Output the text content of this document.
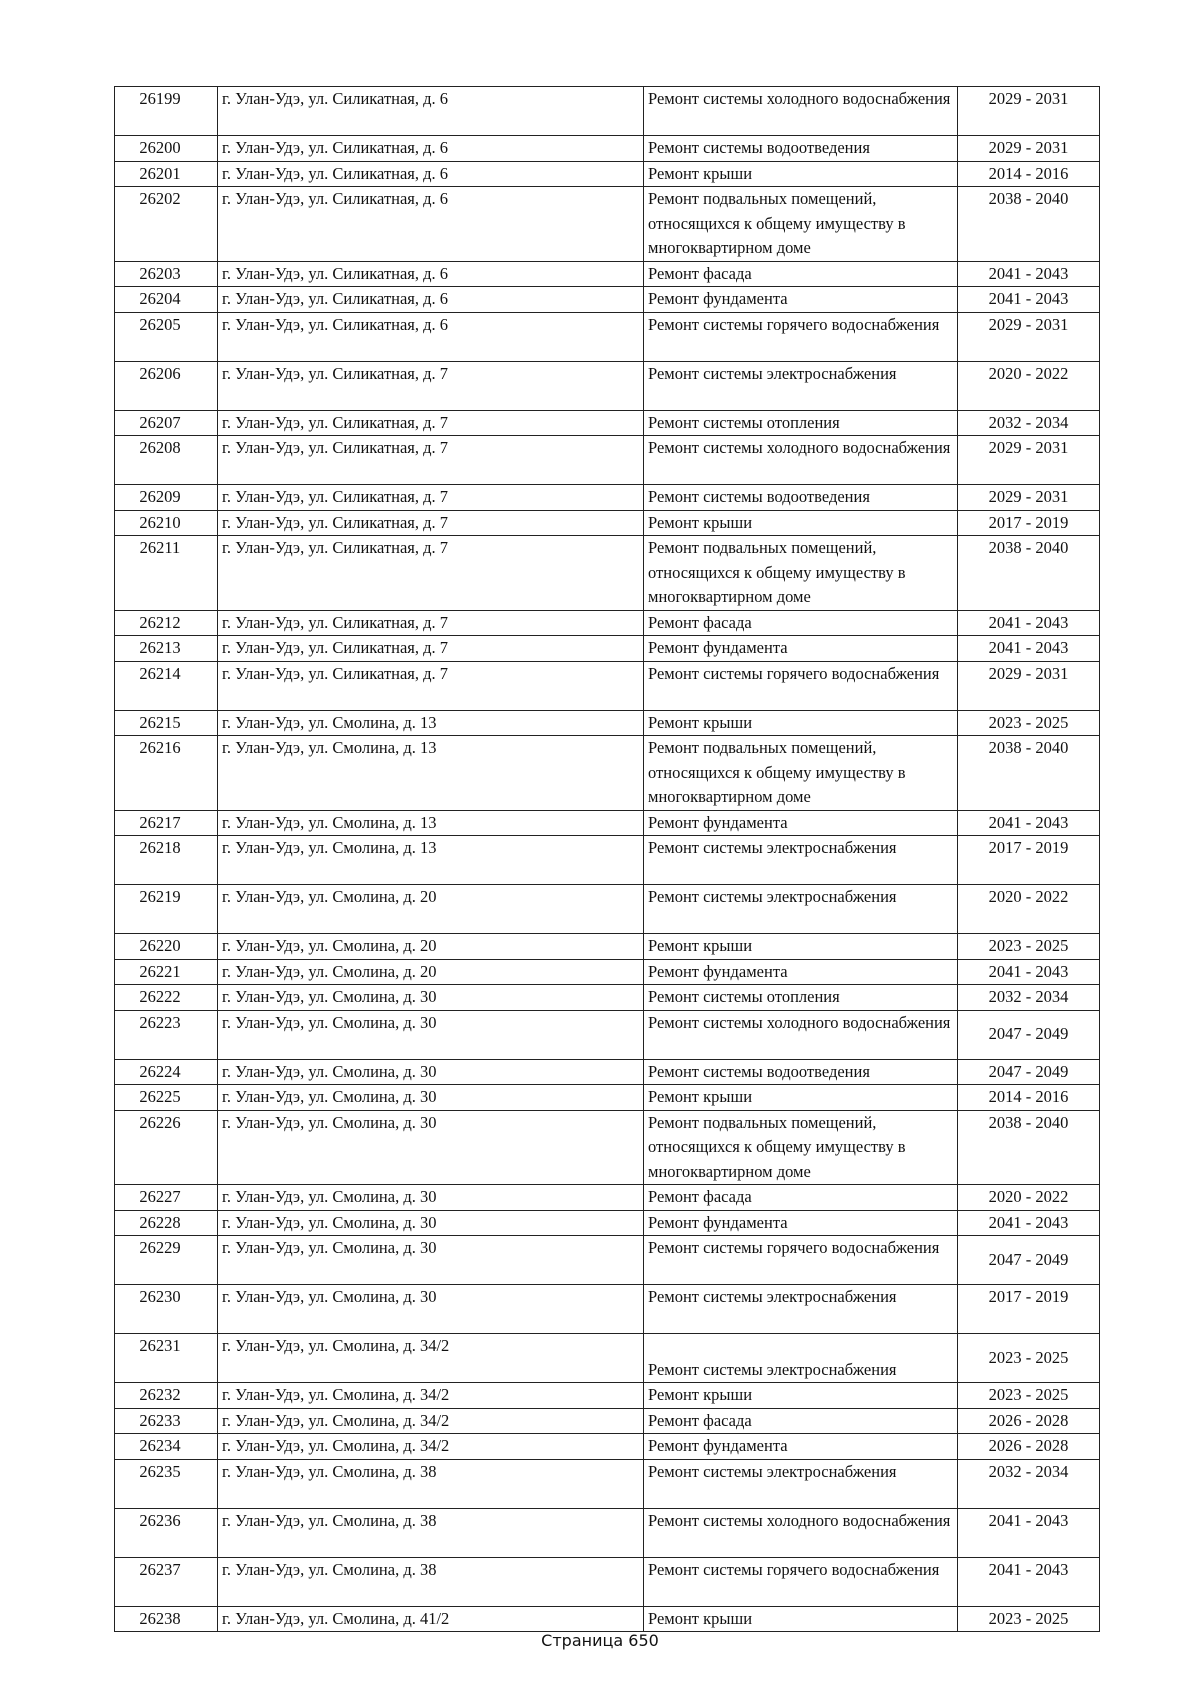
26199	г. Улан-Удэ, ул. Силикатная, д. 6	Ремонт системы холодного водоснабжения	2029 - 2031
26200	г. Улан-Удэ, ул. Силикатная, д. 6	Ремонт системы водоотведения	2029 - 2031
26201	г. Улан-Удэ, ул. Силикатная, д. 6	Ремонт крыши	2014 - 2016
26202	г. Улан-Удэ, ул. Силикатная, д. 6	Ремонт подвальных помещений, относящихся к общему имуществу в многоквартирном доме	2038 - 2040
26203	г. Улан-Удэ, ул. Силикатная, д. 6	Ремонт фасада	2041 - 2043
26204	г. Улан-Удэ, ул. Силикатная, д. 6	Ремонт фундамента	2041 - 2043
26205	г. Улан-Удэ, ул. Силикатная, д. 6	Ремонт системы горячего водоснабжения	2029 - 2031
26206	г. Улан-Удэ, ул. Силикатная, д. 7	Ремонт системы электроснабжения	2020 - 2022
26207	г. Улан-Удэ, ул. Силикатная, д. 7	Ремонт системы отопления	2032 - 2034
26208	г. Улан-Удэ, ул. Силикатная, д. 7	Ремонт системы холодного водоснабжения	2029 - 2031
26209	г. Улан-Удэ, ул. Силикатная, д. 7	Ремонт системы водоотведения	2029 - 2031
26210	г. Улан-Удэ, ул. Силикатная, д. 7	Ремонт крыши	2017 - 2019
26211	г. Улан-Удэ, ул. Силикатная, д. 7	Ремонт подвальных помещений, относящихся к общему имуществу в многоквартирном доме	2038 - 2040
26212	г. Улан-Удэ, ул. Силикатная, д. 7	Ремонт фасада	2041 - 2043
26213	г. Улан-Удэ, ул. Силикатная, д. 7	Ремонт фундамента	2041 - 2043
26214	г. Улан-Удэ, ул. Силикатная, д. 7	Ремонт системы горячего водоснабжения	2029 - 2031
26215	г. Улан-Удэ, ул. Смолина, д. 13	Ремонт крыши	2023 - 2025
26216	г. Улан-Удэ, ул. Смолина, д. 13	Ремонт подвальных помещений, относящихся к общему имуществу в многоквартирном доме	2038 - 2040
26217	г. Улан-Удэ, ул. Смолина, д. 13	Ремонт фундамента	2041 - 2043
26218	г. Улан-Удэ, ул. Смолина, д. 13	Ремонт системы электроснабжения	2017 - 2019
26219	г. Улан-Удэ, ул. Смолина, д. 20	Ремонт системы электроснабжения	2020 - 2022
26220	г. Улан-Удэ, ул. Смолина, д. 20	Ремонт крыши	2023 - 2025
26221	г. Улан-Удэ, ул. Смолина, д. 20	Ремонт фундамента	2041 - 2043
26222	г. Улан-Удэ, ул. Смолина, д. 30	Ремонт системы отопления	2032 - 2034
26223	г. Улан-Удэ, ул. Смолина, д. 30	Ремонт системы холодного водоснабжения	2047 - 2049
26224	г. Улан-Удэ, ул. Смолина, д. 30	Ремонт системы водоотведения	2047 - 2049
26225	г. Улан-Удэ, ул. Смолина, д. 30	Ремонт крыши	2014 - 2016
26226	г. Улан-Удэ, ул. Смолина, д. 30	Ремонт подвальных помещений, относящихся к общему имуществу в многоквартирном доме	2038 - 2040
26227	г. Улан-Удэ, ул. Смолина, д. 30	Ремонт фасада	2020 - 2022
26228	г. Улан-Удэ, ул. Смолина, д. 30	Ремонт фундамента	2041 - 2043
26229	г. Улан-Удэ, ул. Смолина, д. 30	Ремонт системы горячего водоснабжения	2047 - 2049
26230	г. Улан-Удэ, ул. Смолина, д. 30	Ремонт системы электроснабжения	2017 - 2019
26231	г. Улан-Удэ, ул. Смолина, д. 34/2	Ремонт системы электроснабжения	2023 - 2025
26232	г. Улан-Удэ, ул. Смолина, д. 34/2	Ремонт крыши	2023 - 2025
26233	г. Улан-Удэ, ул. Смолина, д. 34/2	Ремонт фасада	2026 - 2028
26234	г. Улан-Удэ, ул. Смолина, д. 34/2	Ремонт фундамента	2026 - 2028
26235	г. Улан-Удэ, ул. Смолина, д. 38	Ремонт системы электроснабжения	2032 - 2034
26236	г. Улан-Удэ, ул. Смолина, д. 38	Ремонт системы холодного водоснабжения	2041 - 2043
26237	г. Улан-Удэ, ул. Смолина, д. 38	Ремонт системы горячего водоснабжения	2041 - 2043
26238	г. Улан-Удэ, ул. Смолина, д. 41/2	Ремонт крыши	2023 - 2025
Страница 650
